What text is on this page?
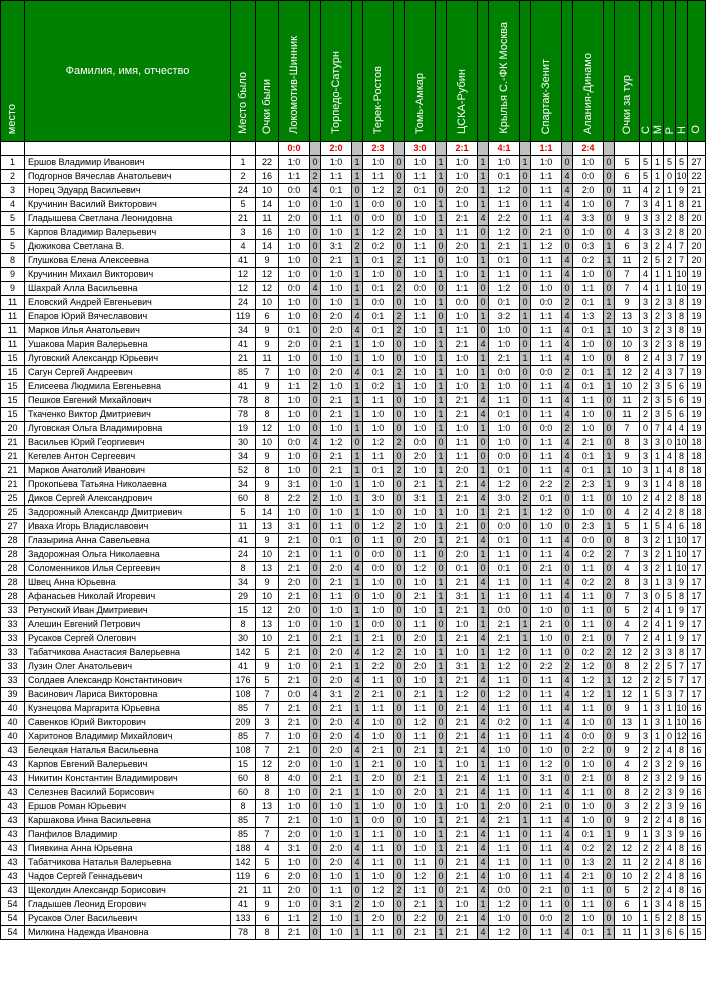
место	Фамилия, имя, отчество	Место было	Очки были	Локомотив-Шинник		Торпедо-Сатурн		Терек-Ростов		Томь-Амкар		ЦСКА-Рубин		Крылья С.-ФК Москва		Спартак-Зенит		Алания-Динамо		Очки за тур	С	М	Р	Н	О
				0:0		2:0		2:3		3:0		2:1		4:1		1:1		2:4							
1	Ершов Владимир Иванович	1	22	1:0	0	1:0	1	1:0	0	1:0	1	1:0	1	1:0	1	1:0	0	1:0	0	5	5	1	5	5	27
2	Подгорнов Вячеслав Анатольевич	2	16	1:1	2	1:1	1	1:1	0	1:1	1	1:0	1	0:1	0	1:1	4	0:0	0	6	5	1	0	10	22
3	Норец Эдуард Васильевич	24	10	0:0	4	0:1	0	1:2	2	0:1	0	2:0	1	1:2	0	1:1	4	2:0	0	11	4	2	1	9	21
4	Кручинин Василий Викторович	5	14	1:0	0	1:0	1	0:0	0	1:0	1	1:0	1	1:1	0	1:1	4	1:0	0	7	3	4	1	8	21
5	Гладышева Светлана Леонидовна	21	11	2:0	0	1:1	0	0:0	0	1:0	1	2:1	4	2:2	0	1:1	4	3:3	0	9	3	3	2	8	20
5	Карпов Владимир Валерьевич	3	16	1:0	0	1:0	1	1:2	2	1:0	1	1:1	0	1:2	0	2:1	0	1:0	0	4	3	3	2	8	20
5	Дюжикова Светлана В.	4	14	1:0	0	3:1	2	0:2	0	1:1	0	2:0	1	2:1	1	1:2	0	0:3	1	6	3	2	4	7	20
8	Глушкова Елена Алексеевна	41	9	1:0	0	2:1	1	0:1	2	1:1	0	1:0	1	0:1	0	1:1	4	0:2	1	11	2	5	2	7	20
9	Кручинин Михаил Викторович	12	12	1:0	0	1:0	1	1:0	0	1:0	1	1:0	1	1:1	0	1:1	4	1:0	0	7	4	1	1	10	19
9	Шахрай Алла Васильевна	12	12	0:0	4	1:0	1	0:1	2	0:0	0	1:1	0	1:2	0	1:0	0	1:1	0	7	4	1	1	10	19
11	Еловский Андрей Евгеньевич	24	10	1:0	0	1:0	1	0:0	0	1:0	1	0:0	0	0:1	0	0:0	2	0:1	1	9	3	2	3	8	19
11	Епаров Юрий Вячеславович	119	6	1:0	0	2:0	4	0:1	2	1:1	0	1:0	1	3:2	1	1:1	4	1:3	2	13	3	2	3	8	19
11	Марков Илья Анатольевич	34	9	0:1	0	2:0	4	0:1	2	1:0	1	1:1	0	1:0	0	1:1	4	0:1	1	10	3	2	3	8	19
11	Ушакова Мария Валерьевна	41	9	2:0	0	2:1	1	1:0	0	1:0	1	2:1	4	1:0	0	1:1	4	1:0	0	10	3	2	3	8	19
15	Луговский Александр Юрьевич	21	11	1:0	0	1:0	1	1:0	0	1:0	1	1:0	1	2:1	1	1:1	4	1:0	0	8	2	4	3	7	19
15	Сагун Сергей Андреевич	85	7	1:0	0	2:0	4	0:1	2	1:0	1	1:0	1	0:0	0	0:0	2	0:1	1	12	2	4	3	7	19
15	Елисеева Людмила Евгеньевна	41	9	1:1	2	1:0	1	0:2	1	1:0	1	1:0	1	1:0	0	1:1	4	0:1	1	10	2	3	5	6	19
15	Пешков Евгений Михайлович	78	8	1:0	0	2:1	1	1:1	0	1:0	1	2:1	4	1:1	0	1:1	4	1:1	0	11	2	3	5	6	19
15	Ткаченко Виктор Дмитриевич	78	8	1:0	0	2:1	1	1:0	0	1:0	1	2:1	4	0:1	0	1:1	4	1:0	0	11	2	3	5	6	19
20	Луговская Ольга Владимировна	19	12	1:0	0	1:0	1	1:0	0	1:0	1	1:0	1	1:0	0	0:0	2	1:0	0	7	0	7	4	4	19
21	Васильев Юрий Георгиевич	30	10	0:0	4	1:2	0	1:2	2	0:0	0	1:1	0	1:0	0	1:1	4	2:1	0	8	3	3	0	10	18
21	Кегелев Антон Сергеевич	34	9	1:0	0	2:1	1	1:1	0	2:0	1	1:1	0	0:0	0	1:1	4	0:1	1	9	3	1	4	8	18
21	Марков Анатолий Иванович	52	8	1:0	0	2:1	1	0:1	2	1:0	1	2:0	1	0:1	0	1:1	4	0:1	1	10	3	1	4	8	18
21	Прокопьева Татьяна Николаевна	34	9	3:1	0	1:0	1	1:0	0	2:1	1	2:1	4	1:2	0	2:2	2	2:3	1	9	3	1	4	8	18
25	Диков Сергей Александрович	60	8	2:2	2	1:0	1	3:0	0	3:1	1	2:1	4	3:0	2	0:1	0	1:1	0	10	2	4	2	8	18
25	Задорожный Александр Дмитриевич	5	14	1:0	0	1:0	1	1:0	0	1:0	1	1:0	1	2:1	1	1:2	0	1:0	0	4	2	4	2	8	18
27	Иваха Игорь Владиславович	11	13	3:1	0	1:1	0	1:2	2	1:0	1	2:1	0	0:0	0	1:0	0	2:3	1	5	1	5	4	6	18
28	Глазырина Анна Савельевна	41	9	2:1	0	0:1	0	1:1	0	2:0	1	2:1	4	0:1	0	1:1	4	0:0	0	8	3	2	1	10	17
28	Задорожная Ольга Николаевна	24	10	2:1	0	1:1	0	0:0	0	1:1	0	2:0	1	1:1	0	1:1	4	0:2	2	7	3	2	1	10	17
28	Соломенников Илья Сергеевич	8	13	2:1	0	2:0	4	0:0	0	1:2	0	0:1	0	0:1	0	2:1	0	1:1	0	4	3	2	1	10	17
28	Швец Анна Юрьевна	34	9	2:0	0	2:1	1	1:0	0	1:0	1	2:1	4	1:1	0	1:1	4	0:2	2	8	3	1	3	9	17
28	Афанасьев Николай Игоревич	29	10	2:1	0	1:1	0	1:0	0	2:1	1	3:1	1	1:1	0	1:1	4	1:1	0	7	3	0	5	8	17
33	Ретунский Иван Дмитриевич	15	12	2:0	0	1:0	1	1:0	0	1:0	1	2:1	1	0:0	0	1:0	0	1:1	0	5	2	4	1	9	17
33	Алешин Евгений Петрович	8	13	1:0	0	1:0	1	0:0	0	1:1	0	1:0	1	2:1	1	2:1	0	1:1	0	4	2	4	1	9	17
33	Русаков Сергей Олегович	30	10	2:1	0	2:1	1	2:1	0	2:0	1	2:1	4	2:1	1	1:0	0	2:1	0	7	2	4	1	9	17
33	Табатчикова Анастасия Валерьевна	142	5	2:1	0	2:0	4	1:2	2	1:0	1	1:0	1	1:2	0	1:1	0	0:2	2	12	2	3	3	8	17
33	Лузин Олег Анатольевич	41	9	1:0	0	2:1	1	2:2	0	2:0	1	3:1	1	1:2	0	2:2	2	1:2	0	8	2	2	5	7	17
33	Солдаев Александр Константинович	176	5	2:1	0	2:0	4	1:1	0	1:0	1	2:1	4	1:1	0	1:1	4	1:2	1	12	2	2	5	7	17
39	Васинович Лариса Викторовна	108	7	0:0	4	3:1	2	2:1	0	2:1	1	1:2	0	1:2	0	1:1	4	1:2	1	12	1	5	3	7	17
40	Кузнецова Маргарита Юрьевна	85	7	2:1	0	2:1	1	1:1	0	1:1	0	2:1	4	1:1	0	1:1	4	1:1	0	9	1	3	1	10	16
40	Савенков Юрий Викторович	209	3	2:1	0	2:0	4	1:0	0	1:2	0	2:1	4	0:2	0	1:1	4	1:0	0	13	1	3	1	10	16
40	Харитонов Владимир Михайлович	85	7	1:0	0	2:0	4	1:0	0	1:1	0	2:1	4	1:1	0	1:1	4	0:0	0	9	3	1	0	12	16
43	Белецкая Наталья Васильевна	108	7	2:1	0	2:0	4	2:1	0	2:1	1	2:1	4	1:0	0	1:0	0	2:2	0	9	2	2	4	8	16
43	Карпов Евгений Валерьевич	15	12	2:0	0	1:0	1	2:1	0	1:0	1	1:0	1	1:1	0	1:2	0	1:0	0	4	2	3	2	9	16
43	Никитин Константин Владимирович	60	8	4:0	0	2:1	1	2:0	0	2:1	1	2:1	4	1:1	0	3:1	0	2:1	0	8	2	3	2	9	16
43	Селезнев Василий Борисович	60	8	1:0	0	2:1	1	1:0	0	2:0	1	2:1	4	1:1	0	1:1	4	1:1	0	8	2	2	3	9	16
43	Ершов Роман Юрьевич	8	13	1:0	0	1:0	1	1:0	0	1:0	1	1:0	1	2:0	0	2:1	0	1:0	0	3	2	2	3	9	16
43	Каршакова Инна Васильевна	85	7	2:1	0	1:0	1	0:0	0	1:0	1	2:1	4	2:1	1	1:1	4	1:0	0	9	2	2	4	8	16
43	Панфилов Владимир	85	7	2:0	0	1:0	1	1:1	0	1:0	1	2:1	4	1:1	0	1:1	4	0:1	1	9	1	3	3	9	16
43	Пиявкина Анна Юрьевна	188	4	3:1	0	2:0	4	1:1	0	1:0	1	2:1	4	1:1	0	1:1	4	0:2	2	12	2	2	4	8	16
43	Табатчикова Наталья Валерьевна	142	5	1:0	0	2:0	4	1:1	0	1:1	0	2:1	4	1:1	0	1:1	0	1:3	2	11	2	2	4	8	16
43	Чадов Сергей Геннадьевич	119	6	2:0	0	1:0	1	1:0	0	1:2	0	2:1	4	1:0	0	1:1	4	2:1	0	10	2	2	4	8	16
43	Щеколдин Александр Борисович	21	11	2:0	0	1:1	0	1:2	2	1:1	0	2:1	4	0:0	0	2:1	0	1:1	0	5	2	2	4	8	16
54	Гладышев Леонид Егорович	41	9	1:0	0	3:1	2	1:0	0	2:1	1	1:0	1	1:2	0	1:1	0	1:1	0	6	1	3	4	8	15
54	Русаков Олег Васильевич	133	6	1:1	2	1:0	1	2:0	0	2:2	0	2:1	4	1:0	0	0:0	2	1:0	0	10	1	5	2	8	15
54	Милкина Надежда Ивановна	78	8	2:1	0	1:0	1	1:1	0	2:1	1	2:1	4	1:2	0	1:1	4	0:1	1	11	1	3	6	6	15
